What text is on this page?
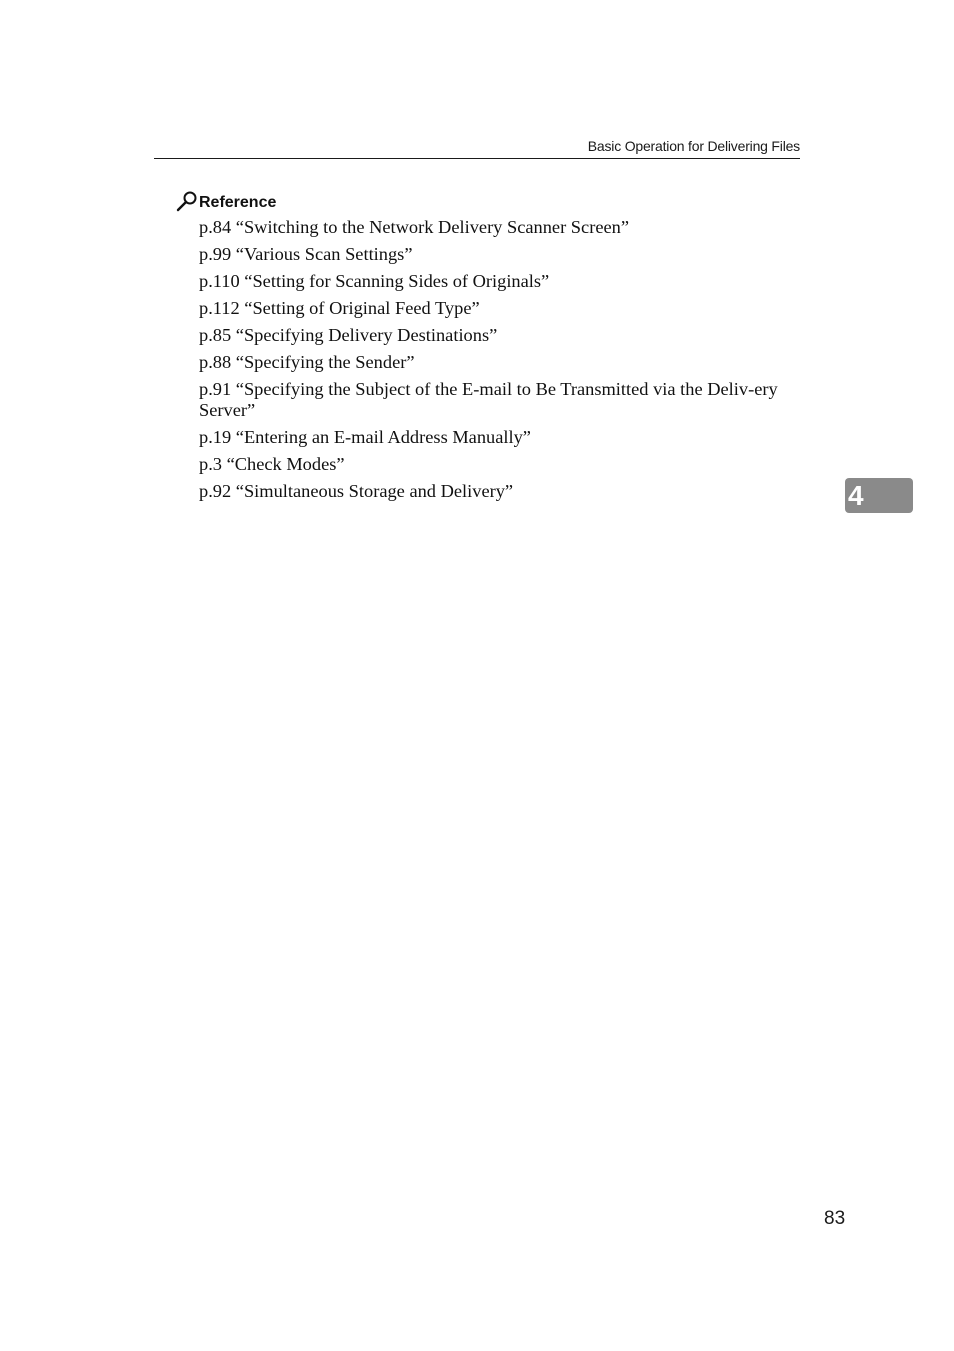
Basic Operation for Delivering Files
Reference
p.84 “Switching to the Network Delivery Scanner Screen”
p.99 “Various Scan Settings”
p.110 “Setting for Scanning Sides of Originals”
p.112 “Setting of Original Feed Type”
p.85 “Specifying Delivery Destinations”
p.88 “Specifying the Sender”
p.91 “Specifying the Subject of the E-mail to Be Transmitted via the Deliv-ery Server”
p.19 “Entering an E-mail Address Manually”
p.3 “Check Modes”
p.92 “Simultaneous Storage and Delivery”	4
83
